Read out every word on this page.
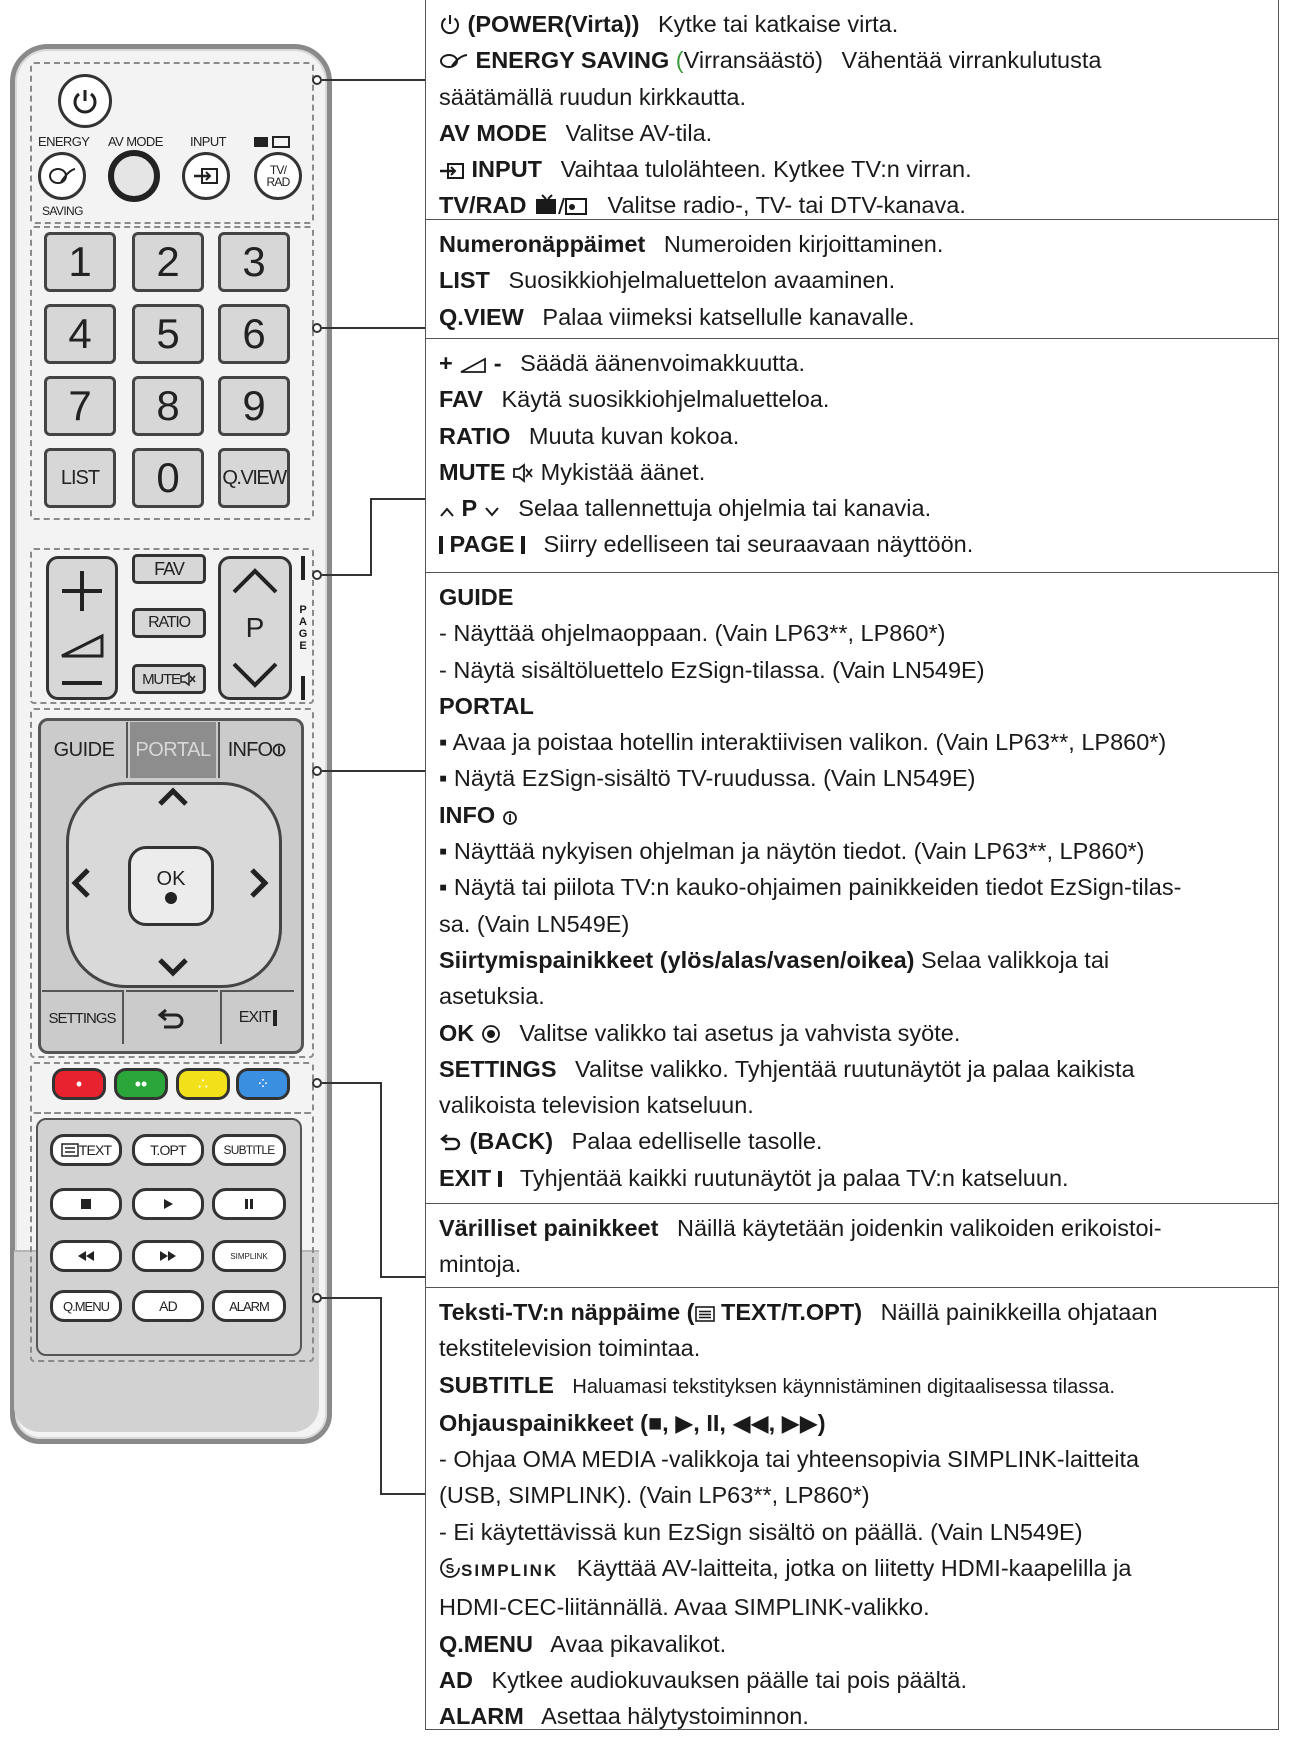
ENERGY AV MODE INPUT
TV/
RAD
SAVING
1	2	3
4	5	6
7	8	9
LIST	0	Q.VIEW
FAV
RATIO
MUTE
P
P
A
G
E
GUIDE	PORTAL INFO
OK
SETTINGS	EXIT
•	••	∴	⁘
TEXT	T.OPT	SUBTITLE
SIMPLINK
Q.MENU	AD	ALARM
(POWER(Virta)) Kytke tai katkaise virta.
ENERGY SAVING (Virransäästö) Vähentää virrankulutusta
säätämällä ruudun kirkkautta.
AV MODE Valitse AV-tila.
INPUT Vaihtaa tulolähteen. Kytkee TV:n virran.
TV/RAD	Valitse radio-, TV- tai DTV-kanava.
Numeronäppäimet Numeroiden kirjoittaminen.
LIST Suosikkiohjelmaluettelon avaaminen.
Q.VIEW Palaa viimeksi katsellulle kanavalle.
+ - Säädä äänenvoimakkuutta.
FAV Käytä suosikkiohjelmaluetteloa.
RATIO Muuta kuvan kokoa.
MUTE Mykistää äänet.
P Selaa tallennettuja ohjelmia tai kanavia.
PAGE Siirry edelliseen tai seuraavaan näyttöön.
GUIDE
- Näyttää ohjelmaoppaan. (Vain LP63**, LP860*)
- Näytä sisältöluettelo EzSign-tilassa. (Vain LN549E)
PORTAL
▪ Avaa ja poistaa hotellin interaktiivisen valikon. (Vain LP63**, LP860*)
▪ Näytä EzSign-sisältö TV-ruudussa. (Vain LN549E)
INFO
▪ Näyttää nykyisen ohjelman ja näytön tiedot. (Vain LP63**, LP860*)
▪ Näytä tai piilota TV:n kauko-ohjaimen painikkeiden tiedot EzSign-tilas-
sa. (Vain LN549E)
Siirtymispainikkeet (ylös/alas/vasen/oikea) Selaa valikkoja tai
asetuksia.
OK Valitse valikko tai asetus ja vahvista syöte.
SETTINGS Valitse valikko. Tyhjentää ruutunäytöt ja palaa kaikista
valikoista television katseluun.
(BACK) Palaa edelliselle tasolle.
EXIT Tyhjentää kaikki ruutunäytöt ja palaa TV:n katseluun.
Värilliset painikkeet Näillä käytetään joidenkin valikoiden erikoistoi-
mintoja.
Teksti-TV:n näppäime ( TEXT/T.OPT) Näillä painikkeilla ohjataan
tekstitelevision toimintaa.
SUBTITLE Haluamasi tekstityksen käynnistäminen digitaalisessa tilassa.
Ohjauspainikkeet (■, ▶, II, ◀◀, ▶▶)
- Ohjaa OMA MEDIA -valikkoja tai yhteensopivia SIMPLINK-laitteita
(USB, SIMPLINK). (Vain LP63**, LP860*)
- Ei käytettävissä kun EzSign sisältö on päällä. (Vain LN549E)
S SIMPLINK Käyttää AV-laitteita, jotka on liitetty HDMI-kaapelilla ja
HDMI-CEC-liitännällä. Avaa SIMPLINK-valikko.
Q.MENU Avaa pikavalikot.
AD Kytkee audiokuvauksen päälle tai pois päältä.
ALARM Asettaa hälytystoiminnon.
